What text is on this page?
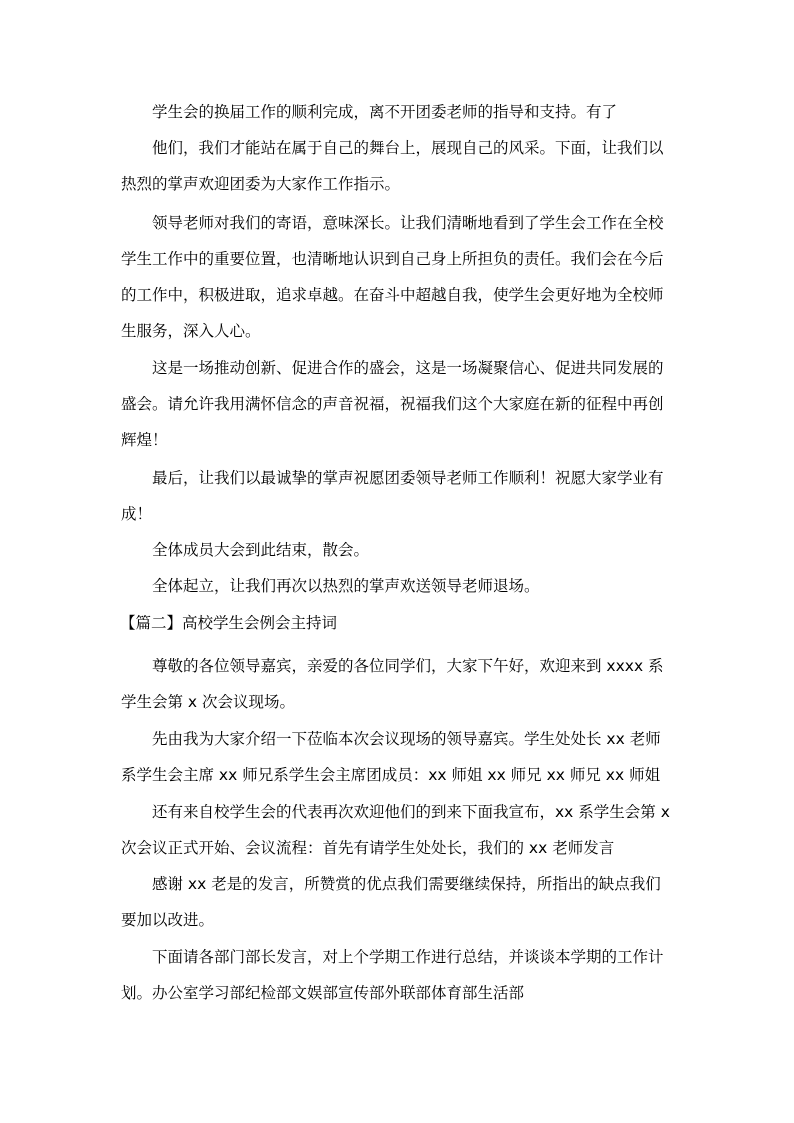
学生会的换届工作的顺利完成，离不开团委老师的指导和支持。有了

他们，我们才能站在属于自己的舞台上，展现自己的风采。下面，让我们以
热烈的掌声欢迎团委为大家作工作指示。

领导老师对我们的寄语，意味深长。让我们清晰地看到了学生会工作在全校
学生工作中的重要位置，也清晰地认识到自己身上所担负的责任。我们会在今后
的工作中，积极进取，追求卓越。在奋斗中超越自我，使学生会更好地为全校师
生服务，深入人心。

这是一场推动创新、促进合作的盛会，这是一场凝聚信心、促进共同发展的
盛会。请允许我用满怀信念的声音祝福，祝福我们这个大家庭在新的征程中再创
辉煌！

最后，让我们以最诚挚的掌声祝愿团委领导老师工作顺利！祝愿大家学业有
成！

全体成员大会到此结束，散会。

全体起立，让我们再次以热烈的掌声欢送领导老师退场。

【篇二】高校学生会例会主持词

尊敬的各位领导嘉宾，亲爱的各位同学们，大家下午好，欢迎来到 xxxx 系
学生会第 x 次会议现场。

先由我为大家介绍一下莅临本次会议现场的领导嘉宾。学生处处长 xx 老师
系学生会主席 xx 师兄系学生会主席团成员：xx 师姐 xx 师兄 xx 师兄 xx 师姐

还有来自校学生会的代表再次欢迎他们的到来下面我宣布，xx 系学生会第 x
次会议正式开始、会议流程：首先有请学生处处长，我们的 xx 老师发言

感谢 xx 老是的发言，所赞赏的优点我们需要继续保持，所指出的缺点我们
要加以改进。

下面请各部门部长发言，对上个学期工作进行总结，并谈谈本学期的工作计
划。办公室学习部纪检部文娱部宣传部外联部体育部生活部
